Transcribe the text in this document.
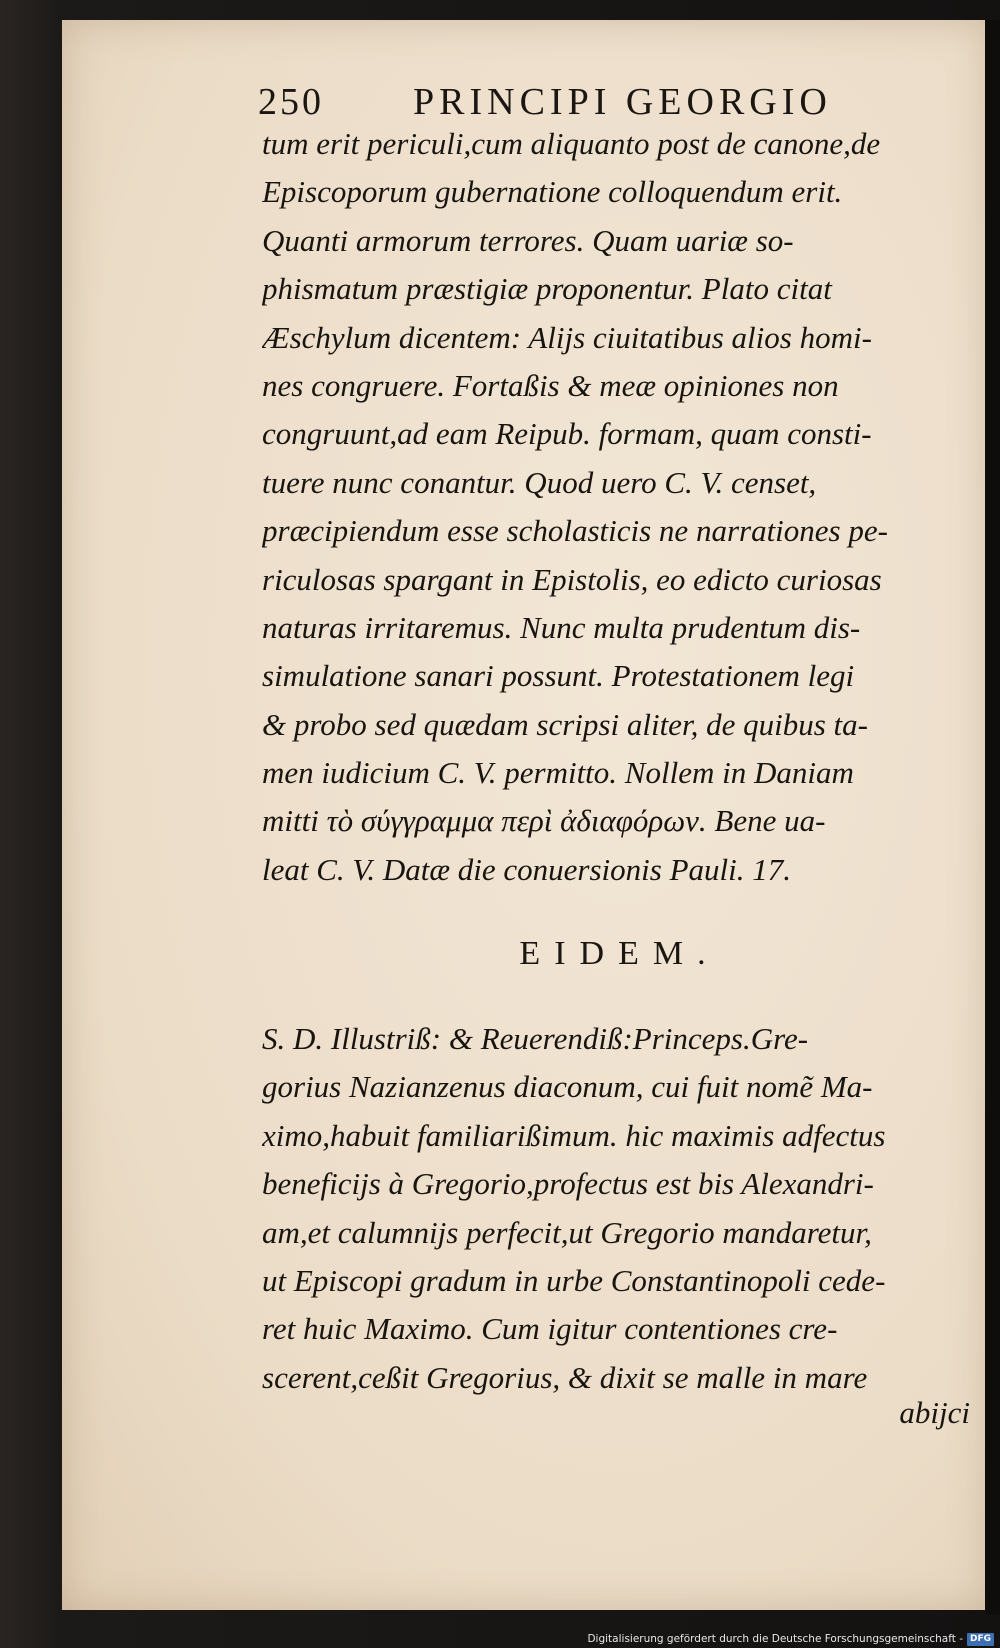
250 PRINCIPI GEORGIO
tum erit periculi,cum aliquanto post de canone,de
Episcoporum gubernatione colloquendum erit.
Quanti armorum terrores. Quam uariæ so-
phismatum præstigiæ proponentur. Plato citat
Æschylum dicentem: Alijs ciuitatibus alios homi-
nes congruere. Fortaßis & meæ opiniones non
congruunt,ad eam Reipub. formam, quam consti-
tuere nunc conantur. Quod uero C. V. censet,
præcipiendum esse scholasticis ne narrationes pe-
riculosas spargant in Epistolis, eo edicto curiosas
naturas irritaremus. Nunc multa prudentum dis-
simulatione sanari possunt. Protestationem legi
& probo sed quædam scripsi aliter, de quibus ta-
men iudicium C. V. permitto. Nollem in Daniam
mitti τὸ σύγγραμμα περὶ ἀδιαφόρων. Bene ua-
leat C. V. Datæ die conuersionis Pauli. 17.
EIDEM.
S. D. Illustriß: & Reuerendiß:Princeps.Gre-
gorius Nazianzenus diaconum, cui fuit nomẽ Ma-
ximo,habuit familiarißimum. hic maximis adfectus
beneficijs à Gregorio,profectus est bis Alexandri-
am,et calumnijs perfecit,ut Gregorio mandaretur,
ut Episcopi gradum in urbe Constantinopoli cede-
ret huic Maximo. Cum igitur contentiones cre-
scerent,ceßit Gregorius, & dixit se malle in mare
abijci
Digitalisierung gefördert durch die Deutsche Forschungsgemeinschaft - DFG
